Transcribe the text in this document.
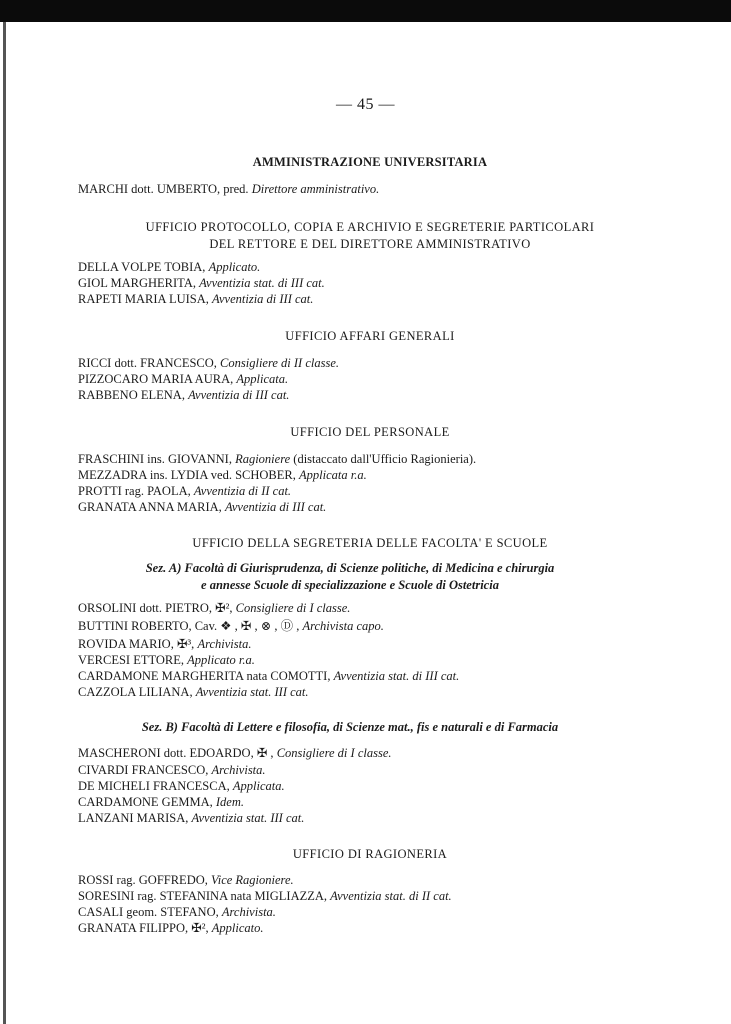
— 45 —
AMMINISTRAZIONE UNIVERSITARIA
MARCHI dott. UMBERTO, pred. Direttore amministrativo.
UFFICIO PROTOCOLLO, COPIA E ARCHIVIO E SEGRETERIE PARTICOLARI
DEL RETTORE E DEL DIRETTORE AMMINISTRATIVO
DELLA VOLPE TOBIA, Applicato.
GIOL MARGHERITA, Avventizia stat. di III cat.
RAPETI MARIA LUISA, Avventizia di III cat.
UFFICIO AFFARI GENERALI
RICCI dott. FRANCESCO, Consigliere di II classe.
PIZZOCARO MARIA AURA, Applicata.
RABBENO ELENA, Avventizia di III cat.
UFFICIO DEL PERSONALE
FRASCHINI ins. GIOVANNI, Ragioniere (distaccato dall'Ufficio Ragionieria).
MEZZADRA ins. LYDIA ved. SCHOBER, Applicata r.a.
PROTTI rag. PAOLA, Avventizia di II cat.
GRANATA ANNA MARIA, Avventizia di III cat.
UFFICIO DELLA SEGRETERIA DELLE FACOLTA' E SCUOLE
Sez. A) Facoltà di Giurisprudenza, di Scienze politiche, di Medicina e chirurgia
e annesse Scuole di specializzazione e Scuole di Ostetricia
ORSOLINI dott. PIETRO, ✠², Consigliere di I classe.
BUTTINI ROBERTO, Cav. ❖ , ✠ , ⊗ , Ⓓ , Archivista capo.
ROVIDA MARIO, ✠³, Archivista.
VERCESI ETTORE, Applicato r.a.
CARDAMONE MARGHERITA nata COMOTTI, Avventizia stat. di III cat.
CAZZOLA LILIANA, Avventizia stat. III cat.
Sez. B) Facoltà di Lettere e filosofia, di Scienze mat., fis e naturali e di Farmacia
MASCHERONI dott. EDOARDO, ✠ , Consigliere di I classe.
CIVARDI FRANCESCO, Archivista.
DE MICHELI FRANCESCA, Applicata.
CARDAMONE GEMMA, Idem.
LANZANI MARISA, Avventizia stat. III cat.
UFFICIO DI RAGIONERIA
ROSSI rag. GOFFREDO, Vice Ragioniere.
SORESINI rag. STEFANINA nata MIGLIAZZA, Avventizia stat. di II cat.
CASALI geom. STEFANO, Archivista.
GRANATA FILIPPO, ✠², Applicato.
